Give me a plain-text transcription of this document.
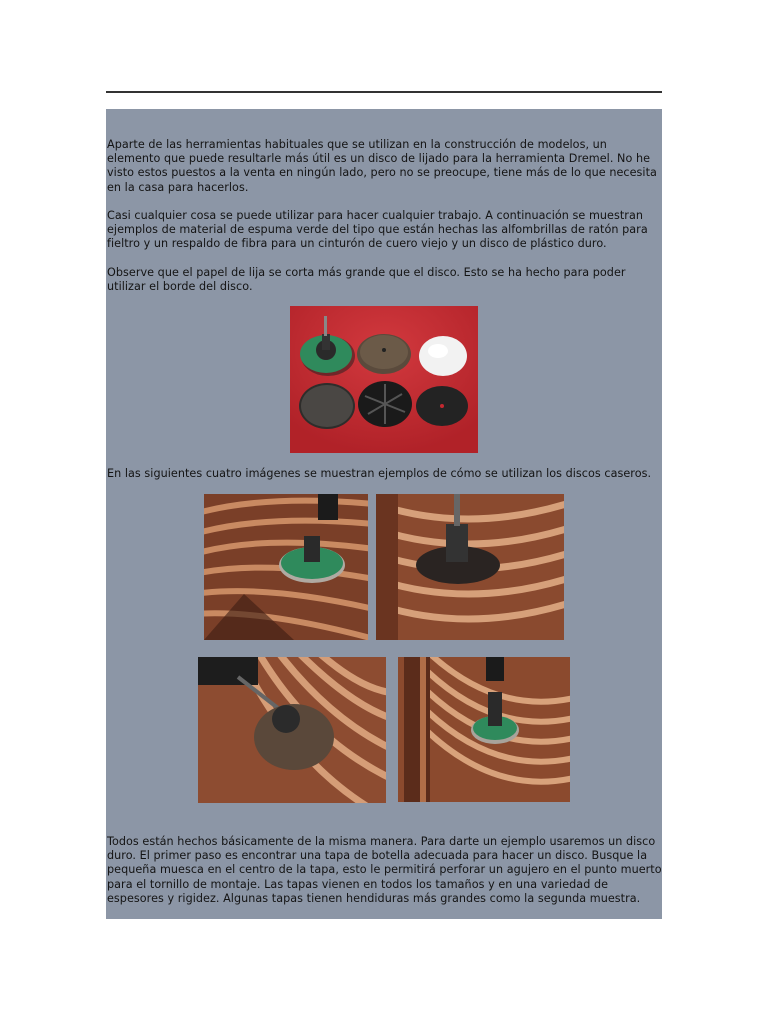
Aparte de las herramientas habituales que se utilizan en la construcción de modelos, un elemento que puede resultarle más útil es un disco de lijado para la herramienta Dremel. No he visto estos puestos a la venta en ningún lado, pero no se preocupe, tiene más de lo que necesita en la casa para hacerlos.

Casi cualquier cosa se puede utilizar para hacer cualquier trabajo. A continuación se muestran ejemplos de material de espuma verde del tipo que están hechas las alfombrillas de ratón para fieltro y un respaldo de fibra para un cinturón de cuero viejo y un disco de plástico duro.

Observe que el papel de lija se corta más grande que el disco. Esto se ha hecho para poder utilizar el borde del disco.

En las siguientes cuatro imágenes se muestran ejemplos de cómo se utilizan los discos caseros.

Todos están hechos básicamente de la misma manera. Para darte un ejemplo usaremos un disco duro. El primer paso es encontrar una tapa de botella adecuada para hacer un disco. Busque la pequeña muesca en el centro de la tapa, esto le permitirá perforar un agujero en el punto muerto para el tornillo de montaje. Las tapas vienen en todos los tamaños y en una variedad de espesores y rigidez. Algunas tapas tienen hendiduras más grandes como la segunda muestra.
